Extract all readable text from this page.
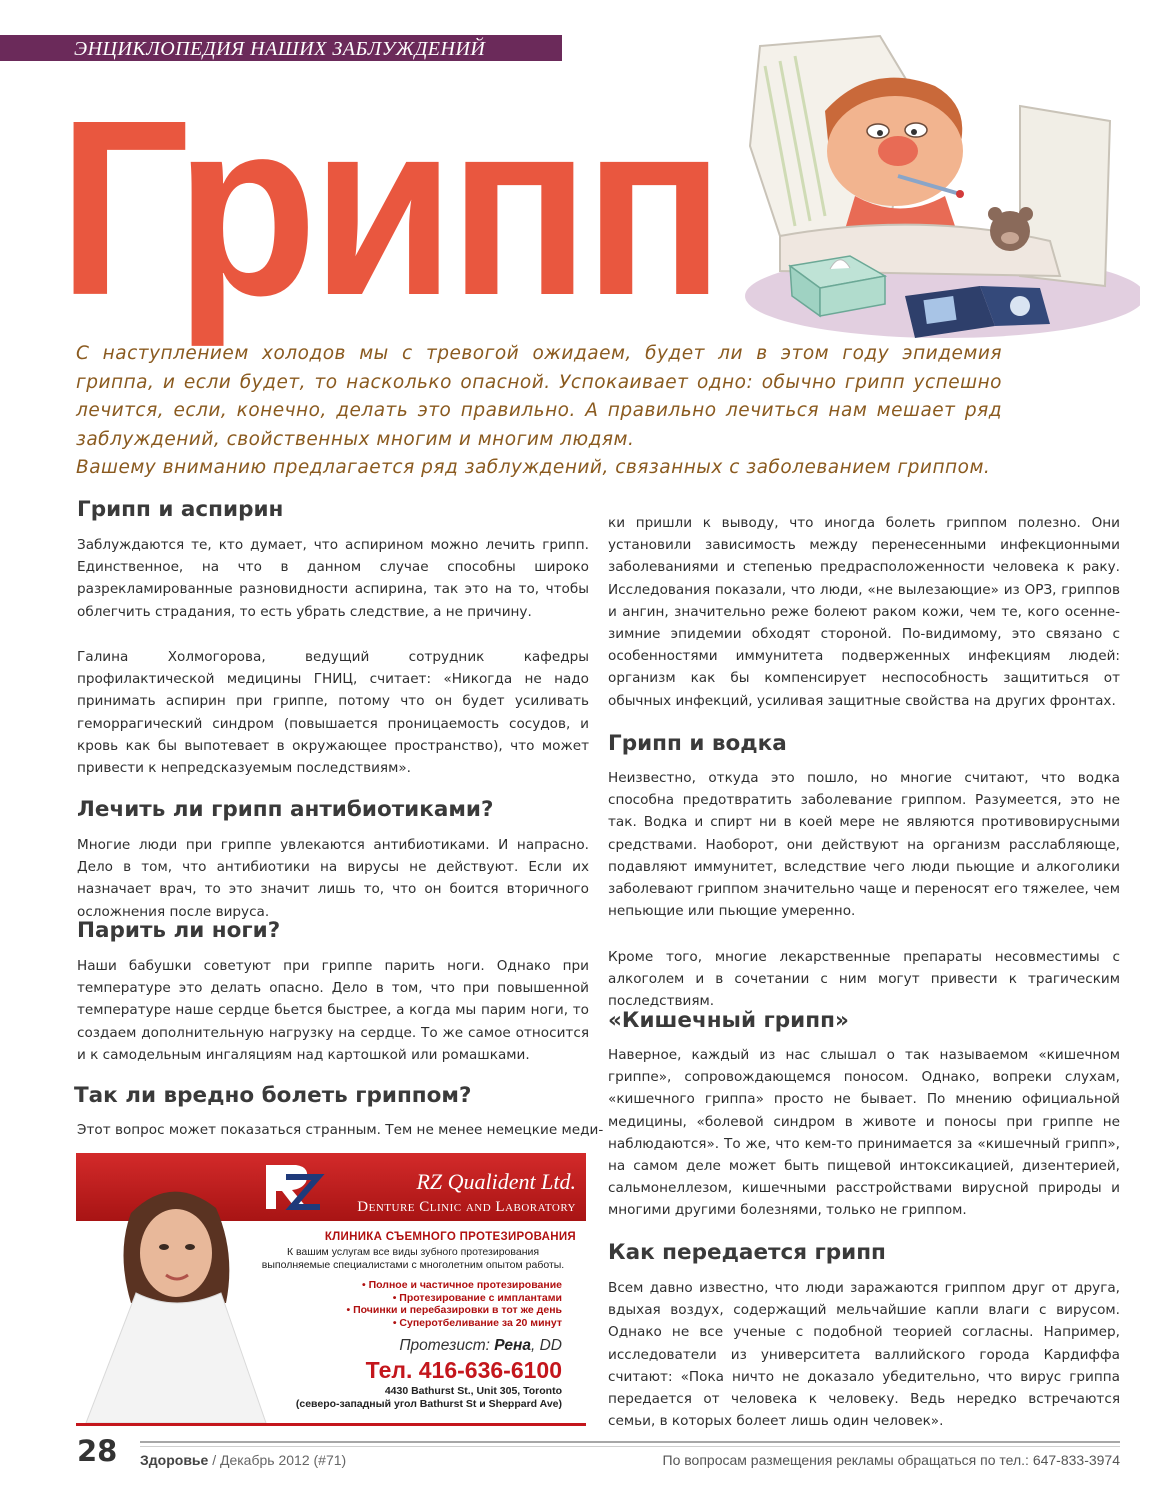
ЭНЦИКЛОПЕДИЯ НАШИХ ЗАБЛУЖДЕНИЙ
Грипп

С наступлением холодов мы с тревогой ожидаем, будет ли в этом году эпидемия гриппа, и если будет, то насколько опасной. Успокаивает одно: обычно грипп успешно лечится, если, конечно, делать это правильно. А правильно лечиться нам мешает ряд заблуждений, свойственных многим и многим людям.

Вашему вниманию предлагается ряд заблуждений, связанных с заболеванием гриппом.

Грипп и аспирин

Заблуждаются те, кто думает, что аспирином можно лечить грипп. Единственное, на что в данном случае способны широко разрекламированные разновидности аспирина, так это на то, чтобы облегчить страдания, то есть убрать следствие, а не причину.

Галина Холмогорова, ведущий сотрудник кафедры профилактической медицины ГНИЦ, считает: «Никогда не надо принимать аспирин при гриппе, потому что он будет усиливать геморрагический синдром (повышается проницаемость сосудов, и кровь как бы выпотевает в окружающее пространство), что может привести к непредсказуемым последствиям».

Лечить ли грипп антибиотиками?

Многие люди при гриппе увлекаются антибиотиками. И напрасно. Дело в том, что антибиотики на вирусы не действуют. Если их назначает врач, то это значит лишь то, что он боится вторичного осложнения после вируса.

Парить ли ноги?

Наши бабушки советуют при гриппе парить ноги. Однако при температуре это делать опасно. Дело в том, что при повышенной температуре наше сердце бьется быстрее, а когда мы парим ноги, то создаем дополнительную нагрузку на сердце. То же самое относится и к самодельным ингаляциям над картошкой или ромашками.

Так ли вредно болеть гриппом?

Этот вопрос может показаться странным. Тем не менее немецкие меди-

ки пришли к выводу, что иногда болеть гриппом полезно. Они установили зависимость между перенесенными инфекционными заболеваниями и степенью предрасположенности человека к раку. Исследования показали, что люди, «не вылезающие» из ОРЗ, гриппов и ангин, значительно реже болеют раком кожи, чем те, кого осенне-зимние эпидемии обходят стороной. По-видимому, это связано с особенностями иммунитета подверженных инфекциям людей: организм как бы компенсирует неспособность защититься от обычных инфекций, усиливая защитные свойства на других фронтах.

Грипп и водка

Неизвестно, откуда это пошло, но многие считают, что водка способна предотвратить заболевание гриппом. Разумеется, это не так. Водка и спирт ни в коей мере не являются противовирусными средствами. Наоборот, они действуют на организм расслабляюще, подавляют иммунитет, вследствие чего люди пьющие и алкоголики заболевают гриппом значительно чаще и переносят его тяжелее, чем непьющие или пьющие умеренно.

Кроме того, многие лекарственные препараты несовместимы с алкоголем и в сочетании с ним могут привести к трагическим последствиям.

«Кишечный грипп»

Наверное, каждый из нас слышал о так называемом «кишечном гриппе», сопровождающемся поносом. Однако, вопреки слухам, «кишечного гриппа» просто не бывает. По мнению официальной медицины, «болевой синдром в животе и поносы при гриппе не наблюдаются». То же, что кем-то принимается за «кишечный грипп», на самом деле может быть пищевой интоксикацией, дизентерией, сальмонеллезом, кишечными расстройствами вирусной природы и многими другими болезнями, только не гриппом.

Как передается грипп

Всем давно известно, что люди заражаются гриппом друг от друга, вдыхая воздух, содержащий мельчайшие капли влаги с вирусом. Однако не все ученые с подобной теорией согласны. Например, исследователи из университета валлийского города Кардиффа считают: «Пока ничто не доказало убедительно, что вирус гриппа передается от человека к человеку. Ведь нередко встречаются семьи, в которых болеет лишь один человек».

RZ Qualident Ltd.
Denture Clinic and Laboratory
КЛИНИКА СЪЕМНОГО ПРОТЕЗИРОВАНИЯ
К вашим услугам все виды зубного протезирования выполняемые специалистами с многолетним опытом работы.
• Полное и частичное протезирование
• Протезирование с имплантами
• Починки и перебазировки в тот же день
• Суперотбеливание за 20 минут
Протезист: Рена, DD
Тел. 416-636-6100
4430 Bathurst St., Unit 305, Toronto
(северо-западный угол Bathurst St и Sheppard Ave)
28 Здоровье / Декабрь 2012 (#71)	По вопросам размещения рекламы обращаться по тел.: 647-833-3974
